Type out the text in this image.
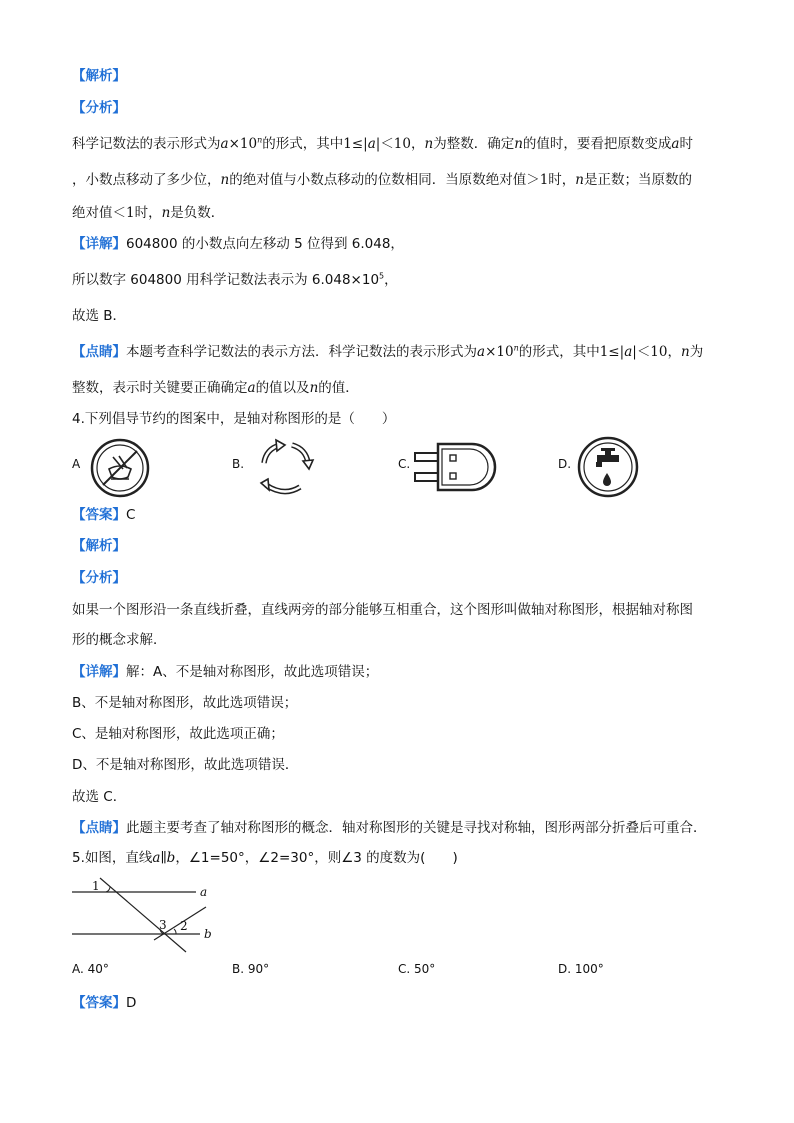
【解析】
【分析】
科学记数法的表示形式为$a\times 10^n$的形式，其中1≤|a|＜10，n为整数．确定n的值时，要看把原数变成a时
，小数点移动了多少位，n的绝对值与小数点移动的位数相同．当原数绝对值＞1时，n是正数；当原数的
绝对值＜1时，n是负数．
【详解】604800 的小数点向左移动 5 位得到 6.048，
所以数字 604800 用科学记数法表示为 $6.048\times 10^5$，
故选 B．
【点睛】本题考查科学记数法的表示方法．科学记数法的表示形式为$a\times 10^n$的形式，其中1≤|a|＜10，n为
整数，表示时关键要正确确定a的值以及n的值．
4.下列倡导节约的图案中，是轴对称图形的是（　　）
A	B.	C.	D.
【答案】C
【解析】
【分析】
如果一个图形沿一条直线折叠，直线两旁的部分能够互相重合，这个图形叫做轴对称图形，根据轴对称图
形的概念求解．
【详解】解：A、不是轴对称图形，故此选项错误；
B、不是轴对称图形，故此选项错误；
C、是轴对称图形，故此选项正确；
D、不是轴对称图形，故此选项错误．
故选 C．
【点睛】此题主要考查了轴对称图形的概念．轴对称图形的关键是寻找对称轴，图形两部分折叠后可重合．
5.如图，直线a∥b，∠1=50°，∠2=30°，则∠3 的度数为(　　)
1	a
3 2
b
A. 40°	B. 90°	C. 50°	D. 100°
【答案】D
